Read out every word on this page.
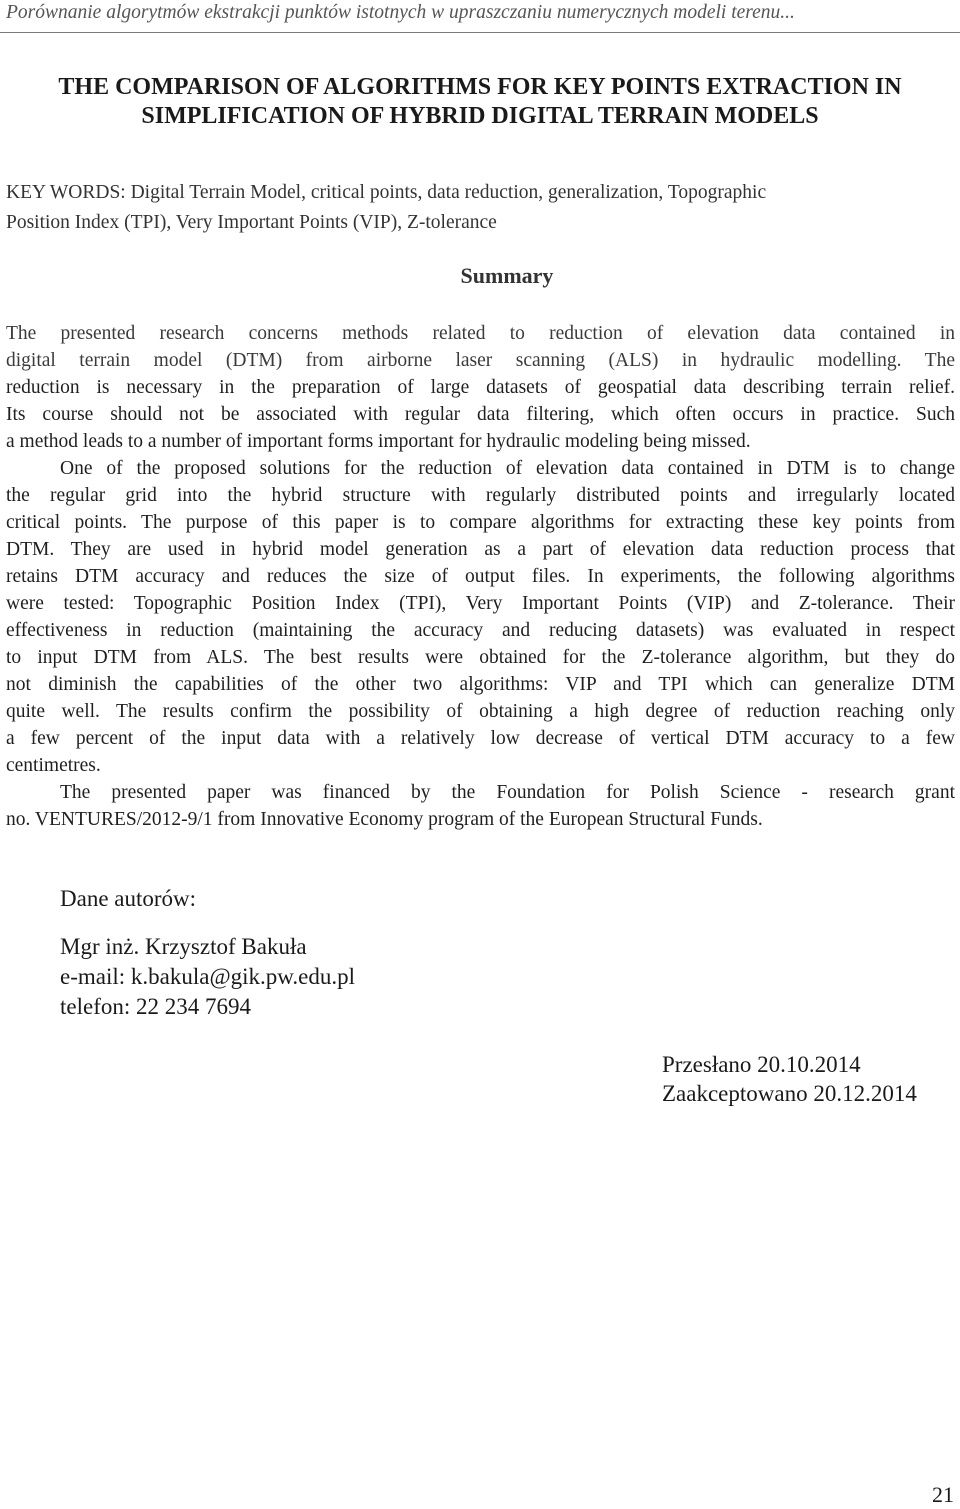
Porównanie algorytmów ekstrakcji punktów istotnych w upraszczaniu numerycznych modeli terenu...
THE COMPARISON OF ALGORITHMS FOR KEY POINTS EXTRACTION IN
SIMPLIFICATION OF HYBRID DIGITAL TERRAIN MODELS
KEY WORDS: Digital Terrain Model, critical points, data reduction, generalization, Topographic
Position Index (TPI), Very Important Points (VIP), Z-tolerance
Summary
The presented research concerns methods related to reduction of elevation data contained in
digital terrain model (DTM) from airborne laser scanning (ALS) in hydraulic modelling. The
reduction is necessary in the preparation of large datasets of geospatial data describing terrain relief.
Its course should not be associated with regular data filtering, which often occurs in practice. Such
a method leads to a number of important forms important for hydraulic modeling being missed.
One of the proposed solutions for the reduction of elevation data contained in DTM is to change
the regular grid into the hybrid structure with regularly distributed points and irregularly located
critical points. The purpose of this paper is to compare algorithms for extracting these key points from
DTM. They are used in hybrid model generation as a part of elevation data reduction process that
retains DTM accuracy and reduces the size of output files. In experiments, the following algorithms
were tested: Topographic Position Index (TPI), Very Important Points (VIP) and Z-tolerance. Their
effectiveness in reduction (maintaining the accuracy and reducing datasets) was evaluated in respect
to input DTM from ALS. The best results were obtained for the Z-tolerance algorithm, but they do
not diminish the capabilities of the other two algorithms: VIP and TPI which can generalize DTM
quite well. The results confirm the possibility of obtaining a high degree of reduction reaching only
a few percent of the input data with a relatively low decrease of vertical DTM accuracy to a few
centimetres.
The presented paper was financed by the Foundation for Polish Science - research grant
no. VENTURES/2012-9/1 from Innovative Economy program of the European Structural Funds.
Dane autorów:
Mgr inż. Krzysztof Bakuła
e-mail: k.bakula@gik.pw.edu.pl
telefon: 22 234 7694
Przesłano 20.10.2014
Zaakceptowano 20.12.2014
21
